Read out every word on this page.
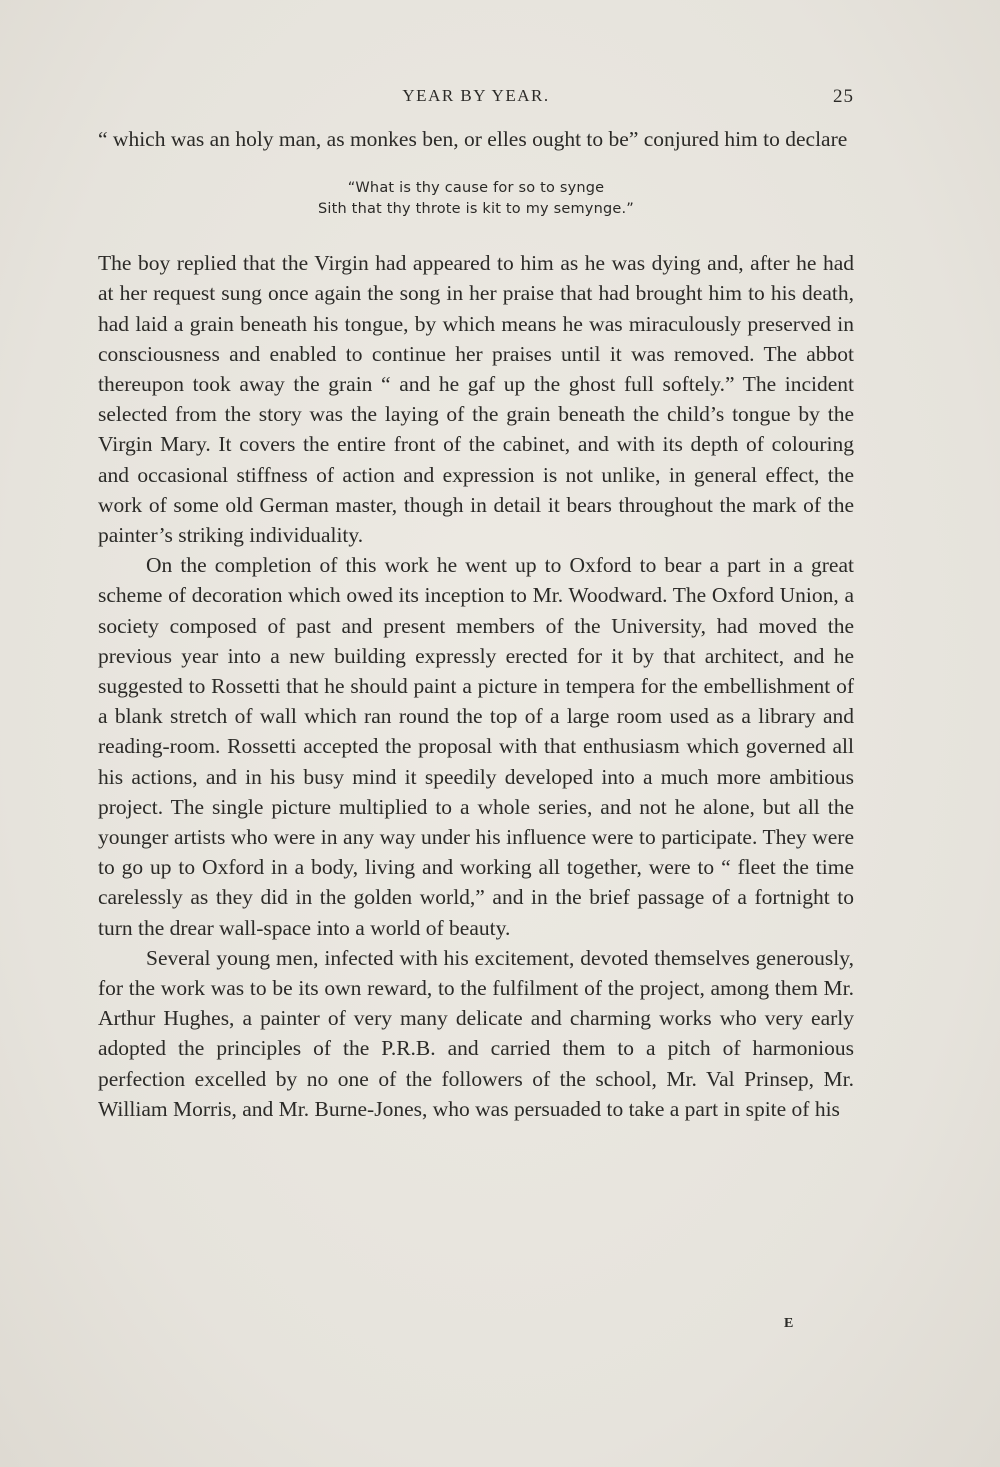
YEAR BY YEAR.	25

“ which was an holy man, as monkes ben, or elles ought to be” conjured him to declare

“What is thy cause for so to synge
Sith that thy throte is kit to my semynge.”

The boy replied that the Virgin had appeared to him as he was dying and, after he had at her request sung once again the song in her praise that had brought him to his death, had laid a grain beneath his tongue, by which means he was miraculously preserved in consciousness and enabled to continue her praises until it was removed. The abbot thereupon took away the grain “ and he gaf up the ghost full softely.” The incident selected from the story was the laying of the grain beneath the child’s tongue by the Virgin Mary. It covers the entire front of the cabinet, and with its depth of colouring and occasional stiffness of action and expression is not unlike, in general effect, the work of some old German master, though in detail it bears throughout the mark of the painter’s striking individuality.

On the completion of this work he went up to Oxford to bear a part in a great scheme of decoration which owed its inception to Mr. Woodward. The Oxford Union, a society composed of past and present members of the University, had moved the previous year into a new building expressly erected for it by that architect, and he suggested to Rossetti that he should paint a picture in tempera for the embellishment of a blank stretch of wall which ran round the top of a large room used as a library and reading-room. Rossetti accepted the proposal with that enthusiasm which governed all his actions, and in his busy mind it speedily developed into a much more ambitious project. The single picture multiplied to a whole series, and not he alone, but all the younger artists who were in any way under his influence were to participate. They were to go up to Oxford in a body, living and working all together, were to “ fleet the time carelessly as they did in the golden world,” and in the brief passage of a fortnight to turn the drear wall-space into a world of beauty.

Several young men, infected with his excitement, devoted themselves generously, for the work was to be its own reward, to the fulfilment of the project, among them Mr. Arthur Hughes, a painter of very many delicate and charming works who very early adopted the principles of the P.R.B. and carried them to a pitch of harmonious perfection excelled by no one of the followers of the school, Mr. Val Prinsep, Mr. William Morris, and Mr. Burne-Jones, who was persuaded to take a part in spite of his

E
